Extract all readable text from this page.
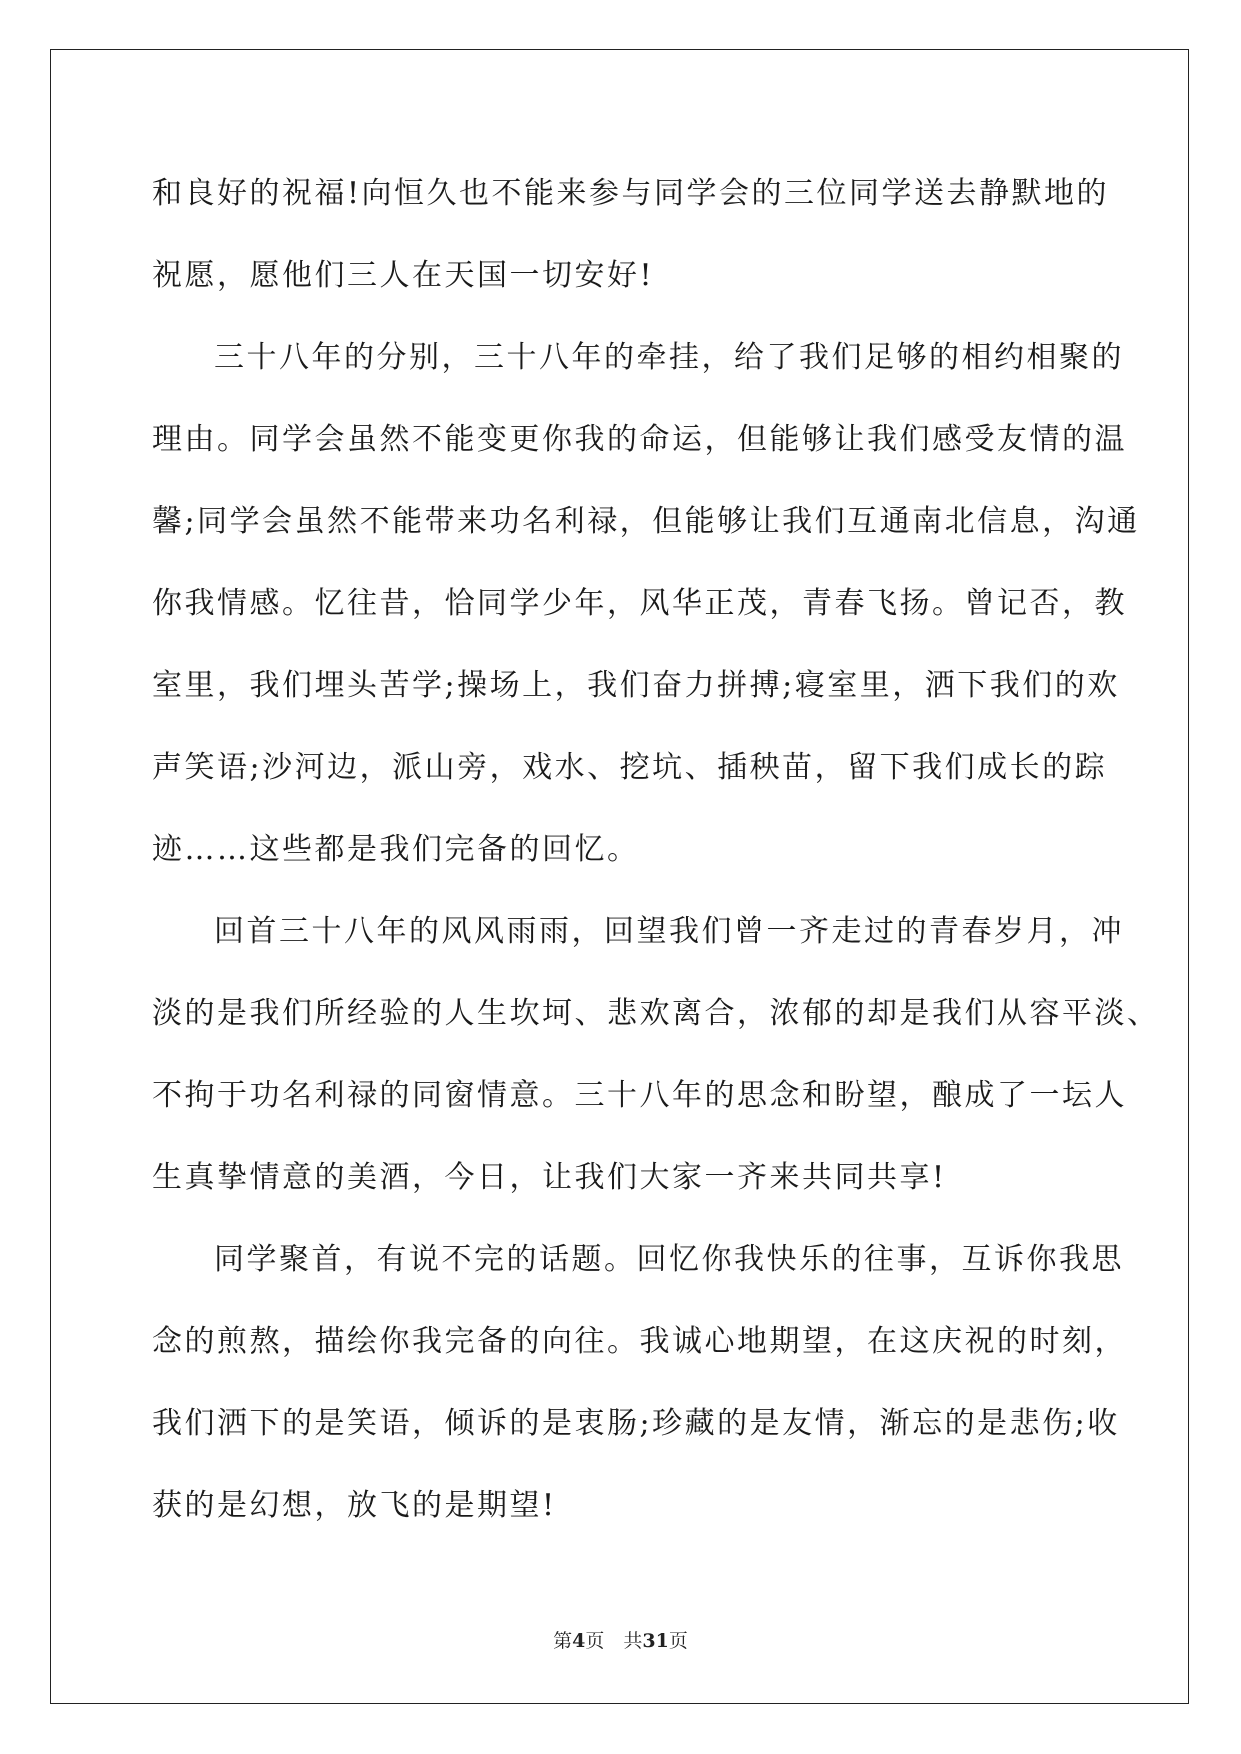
和良好的祝福!向恒久也不能来参与同学会的三位同学送去静默地的
祝愿，愿他们三人在天国一切安好!
三十八年的分别，三十八年的牵挂，给了我们足够的相约相聚的
理由。同学会虽然不能变更你我的命运，但能够让我们感受友情的温
馨;同学会虽然不能带来功名利禄，但能够让我们互通南北信息，沟通
你我情感。忆往昔，恰同学少年，风华正茂，青春飞扬。曾记否，教
室里，我们埋头苦学;操场上，我们奋力拼搏;寝室里，洒下我们的欢
声笑语;沙河边，派山旁，戏水、挖坑、插秧苗，留下我们成长的踪
迹……这些都是我们完备的回忆。
回首三十八年的风风雨雨，回望我们曾一齐走过的青春岁月，冲
淡的是我们所经验的人生坎坷、悲欢离合，浓郁的却是我们从容平淡、
不拘于功名利禄的同窗情意。三十八年的思念和盼望，酿成了一坛人
生真挚情意的美酒，今日，让我们大家一齐来共同共享!
同学聚首，有说不完的话题。回忆你我快乐的往事，互诉你我思
念的煎熬，描绘你我完备的向往。我诚心地期望，在这庆祝的时刻，
我们洒下的是笑语，倾诉的是衷肠;珍藏的是友情，渐忘的是悲伤;收
获的是幻想，放飞的是期望!
第4页　共31页
